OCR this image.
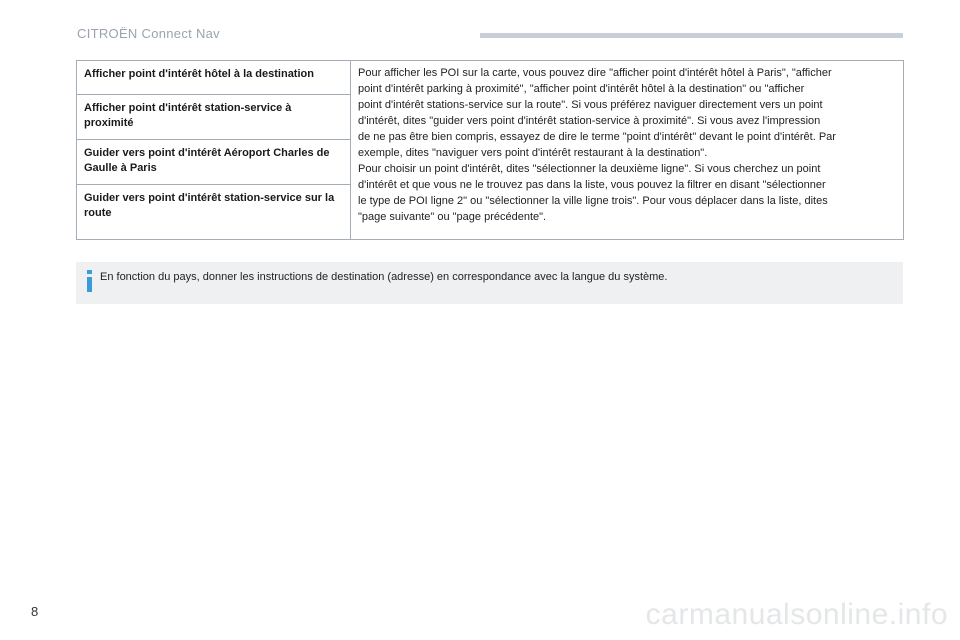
CITROËN Connect Nav
Afficher point d'intérêt hôtel à la destination	Pour afficher les POI sur la carte, vous pouvez dire "afficher point d'intérêt hôtel à Paris", "afficher
point d'intérêt parking à proximité", "afficher point d'intérêt hôtel à la destination" ou "afficher
point d'intérêt stations-service sur la route". Si vous préférez naviguer directement vers un point
d'intérêt, dites "guider vers point d'intérêt station-service à proximité". Si vous avez l'impression
de ne pas être bien compris, essayez de dire le terme "point d'intérêt" devant le point d'intérêt. Par
exemple, dites "naviguer vers point d'intérêt restaurant à la destination".
Pour choisir un point d'intérêt, dites "sélectionner la deuxième ligne". Si vous cherchez un point
d'intérêt et que vous ne le trouvez pas dans la liste, vous pouvez la filtrer en disant "sélectionner
le type de POI ligne 2" ou "sélectionner la ville ligne trois". Pour vous déplacer dans la liste, dites
"page suivante" ou "page précédente".

Afficher point d'intérêt station-service à proximité
Guider vers point d'intérêt Aéroport Charles de Gaulle à Paris
Guider vers point d'intérêt station-service sur la route
En fonction du pays, donner les instructions de destination (adresse) en correspondance avec la langue du système.
8	carmanualsonline.info
